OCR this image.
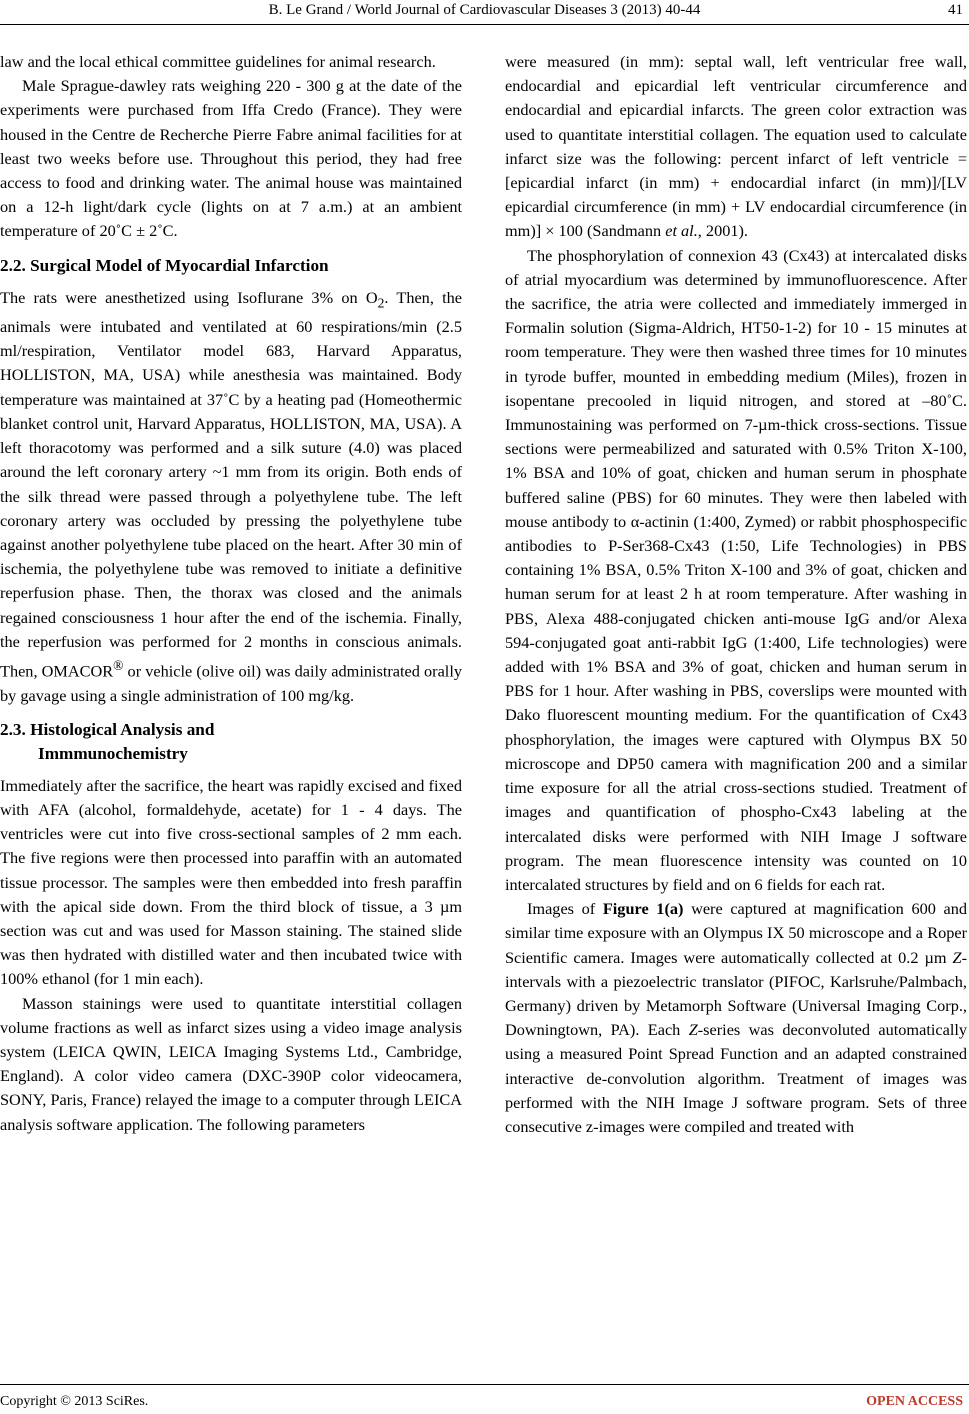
B. Le Grand / World Journal of Cardiovascular Diseases 3 (2013) 40-44	41

law and the local ethical committee guidelines for animal research.

Male Sprague-dawley rats weighing 220 - 300 g at the date of the experiments were purchased from Iffa Credo (France). They were housed in the Centre de Recherche Pierre Fabre animal facilities for at least two weeks before use. Throughout this period, they had free access to food and drinking water. The animal house was maintained on a 12-h light/dark cycle (lights on at 7 a.m.) at an ambient temperature of 20˚C ± 2˚C.

2.2. Surgical Model of Myocardial Infarction

The rats were anesthetized using Isoflurane 3% on $O_2$. Then, the animals were intubated and ventilated at 60 respirations/min (2.5 ml/respiration, Ventilator model 683, Harvard Apparatus, HOLLISTON, MA, USA) while anesthesia was maintained. Body temperature was maintained at 37˚C by a heating pad (Homeothermic blanket control unit, Harvard Apparatus, HOLLISTON, MA, USA). A left thoracotomy was performed and a silk suture (4.0) was placed around the left coronary artery ~1 mm from its origin. Both ends of the silk thread were passed through a polyethylene tube. The left coronary artery was occluded by pressing the polyethylene tube against another polyethylene tube placed on the heart. After 30 min of ischemia, the polyethylene tube was removed to initiate a definitive reperfusion phase. Then, the thorax was closed and the animals regained consciousness 1 hour after the end of the ischemia. Finally, the reperfusion was performed for 2 months in conscious animals. Then, OMACOR® or vehicle (olive oil) was daily administrated orally by gavage using a single administration of 100 mg/kg.

2.3. Histological Analysis and
Immmunochemistry

Immediately after the sacrifice, the heart was rapidly excised and fixed with AFA (alcohol, formaldehyde, acetate) for 1 - 4 days. The ventricles were cut into five cross-sectional samples of 2 mm each. The five regions were then processed into paraffin with an automated tissue processor. The samples were then embedded into fresh paraffin with the apical side down. From the third block of tissue, a 3 µm section was cut and was used for Masson staining. The stained slide was then hydrated with distilled water and then incubated twice with 100% ethanol (for 1 min each).

Masson stainings were used to quantitate interstitial collagen volume fractions as well as infarct sizes using a video image analysis system (LEICA QWIN, LEICA Imaging Systems Ltd., Cambridge, England). A color video camera (DXC-390P color videocamera, SONY, Paris, France) relayed the image to a computer through LEICA analysis software application. The following parameters

were measured (in mm): septal wall, left ventricular free wall, endocardial and epicardial left ventricular circumference and endocardial and epicardial infarcts. The green color extraction was used to quantitate interstitial collagen. The equation used to calculate infarct size was the following: percent infarct of left ventricle = [epicardial infarct (in mm) + endocardial infarct (in mm)]/[LV epicardial circumference (in mm) + LV endocardial circumference (in mm)] × 100 (Sandmann et al., 2001).

The phosphorylation of connexion 43 (Cx43) at intercalated disks of atrial myocardium was determined by immunofluorescence. After the sacrifice, the atria were collected and immediately immerged in Formalin solution (Sigma-Aldrich, HT50-1-2) for 10 - 15 minutes at room temperature. They were then washed three times for 10 minutes in tyrode buffer, mounted in embedding medium (Miles), frozen in isopentane precooled in liquid nitrogen, and stored at –80˚C. Immunostaining was performed on 7-µm-thick cross-sections. Tissue sections were permeabilized and saturated with 0.5% Triton X-100, 1% BSA and 10% of goat, chicken and human serum in phosphate buffered saline (PBS) for 60 minutes. They were then labeled with mouse antibody to α-actinin (1:400, Zymed) or rabbit phosphospecific antibodies to P-Ser368-Cx43 (1:50, Life Technologies) in PBS containing 1% BSA, 0.5% Triton X-100 and 3% of goat, chicken and human serum for at least 2 h at room temperature. After washing in PBS, Alexa 488-conjugated chicken anti-mouse IgG and/or Alexa 594-conjugated goat anti-rabbit IgG (1:400, Life technologies) were added with 1% BSA and 3% of goat, chicken and human serum in PBS for 1 hour. After washing in PBS, coverslips were mounted with Dako fluorescent mounting medium. For the quantification of Cx43 phosphorylation, the images were captured with Olympus BX 50 microscope and DP50 camera with magnification 200 and a similar time exposure for all the atrial cross-sections studied. Treatment of images and quantification of phospho-Cx43 labeling at the intercalated disks were performed with NIH Image J software program. The mean fluorescence intensity was counted on 10 intercalated structures by field and on 6 fields for each rat.

Images of Figure 1(a) were captured at magnification 600 and similar time exposure with an Olympus IX 50 microscope and a Roper Scientific camera. Images were automatically collected at 0.2 µm Z-intervals with a piezoelectric translator (PIFOC, Karlsruhe/Palmbach, Germany) driven by Metamorph Software (Universal Imaging Corp., Downingtown, PA). Each Z-series was deconvoluted automatically using a measured Point Spread Function and an adapted constrained interactive de-convolution algorithm. Treatment of images was performed with the NIH Image J software program. Sets of three consecutive z-images were compiled and treated with

Copyright © 2013 SciRes.	OPEN ACCESS
